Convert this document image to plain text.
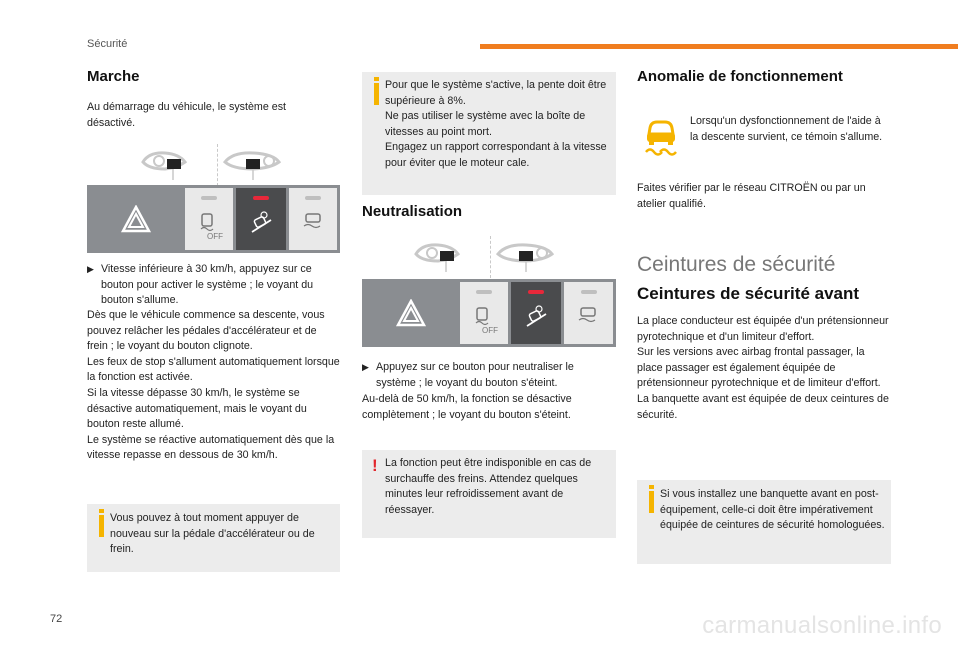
Sécurité
Marche
Au démarrage du véhicule, le système est désactivé.
OFF
▶ Vitesse inférieure à 30 km/h, appuyez sur ce bouton pour activer le système ; le voyant du bouton s'allume.
Dès que le véhicule commence sa descente, vous pouvez relâcher les pédales d'accélérateur et de frein ; le voyant du bouton clignote.
Les feux de stop s'allument automatiquement lorsque la fonction est activée.
Si la vitesse dépasse 30 km/h, le système se désactive automatiquement, mais le voyant du bouton reste allumé.
Le système se réactive automatiquement dès que la vitesse repasse en dessous de 30 km/h.
Vous pouvez à tout moment appuyer de nouveau sur la pédale d'accélérateur ou de frein.
Pour que le système s'active, la pente doit être supérieure à 8%.
Ne pas utiliser le système avec la boîte de vitesses au point mort.
Engagez un rapport correspondant à la vitesse pour éviter que le moteur cale.
Neutralisation
OFF
▶ Appuyez sur ce bouton pour neutraliser le système ; le voyant du bouton s'éteint.
Au-delà de 50 km/h, la fonction se désactive complètement ; le voyant du bouton s'éteint.
! La fonction peut être indisponible en cas de surchauffe des freins. Attendez quelques minutes leur refroidissement avant de réessayer.
Anomalie de fonctionnement
Lorsqu'un dysfonctionnement de l'aide à la descente survient, ce témoin s'allume.
Faites vérifier par le réseau CITROËN ou par un atelier qualifié.
Ceintures de sécurité
Ceintures de sécurité avant
La place conducteur est équipée d'un prétensionneur pyrotechnique et d'un limiteur d'effort.
Sur les versions avec airbag frontal passager, la place passager est également équipée de prétensionneur pyrotechnique et de limiteur d'effort.
La banquette avant est équipée de deux ceintures de sécurité.
Si vous installez une banquette avant en post-équipement, celle-ci doit être impérativement équipée de ceintures de sécurité homologuées.
72	carmanualsonline.info
